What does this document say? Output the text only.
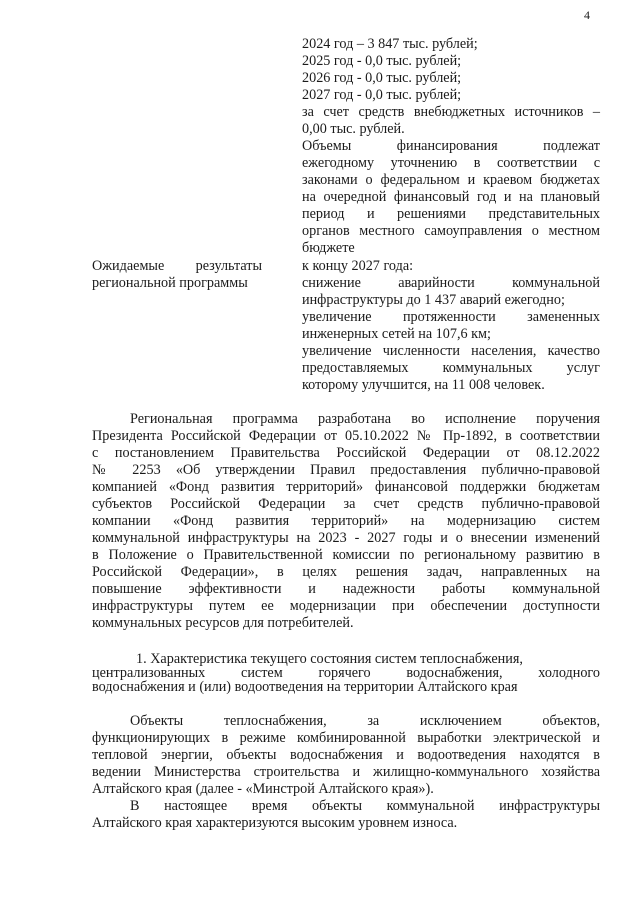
4
2024 год – 3 847 тыс. рублей;
2025 год - 0,0 тыс. рублей;
2026 год - 0,0 тыс. рублей;
2027 год - 0,0 тыс. рублей;
за счет средств внебюджетных источников –
0,00 тыс. рублей.
Объемы финансирования подлежат
ежегодному уточнению в соответствии с
законами о федеральном и краевом бюджетах
на очередной финансовый год и на плановый
период и решениями представительных
органов местного самоуправления о местном
бюджете
Ожидаемые результаты
региональной программы
к концу 2027 года:
снижение аварийности коммунальной
инфраструктуры до 1 437 аварий ежегодно;
увеличение протяженности замененных
инженерных сетей на 107,6 км;
увеличение численности населения, качество
предоставляемых коммунальных услуг
которому улучшится, на 11 008 человек.
Региональная программа разработана во исполнение поручения
Президента Российской Федерации от 05.10.2022 № Пр-1892, в соответствии
с постановлением Правительства Российской Федерации от 08.12.2022
№ 2253 «Об утверждении Правил предоставления публично-правовой
компанией «Фонд развития территорий» финансовой поддержки бюджетам
субъектов Российской Федерации за счет средств публично-правовой
компании «Фонд развития территорий» на модернизацию систем
коммунальной инфраструктуры на 2023 - 2027 годы и о внесении изменений
в Положение о Правительственной комиссии по региональному развитию в
Российской Федерации», в целях решения задач, направленных на
повышение эффективности и надежности работы коммунальной
инфраструктуры путем ее модернизации при обеспечении доступности
коммунальных ресурсов для потребителей.
1. Характеристика текущего состояния систем теплоснабжения,
централизованных систем горячего водоснабжения, холодного
водоснабжения и (или) водоотведения на территории Алтайского края
Объекты теплоснабжения, за исключением объектов,
функционирующих в режиме комбинированной выработки электрической и
тепловой энергии, объекты водоснабжения и водоотведения находятся в
ведении Министерства строительства и жилищно-коммунального хозяйства
Алтайского края (далее - «Минстрой Алтайского края»).
В настоящее время объекты коммунальной инфраструктуры
Алтайского края характеризуются высоким уровнем износа.
